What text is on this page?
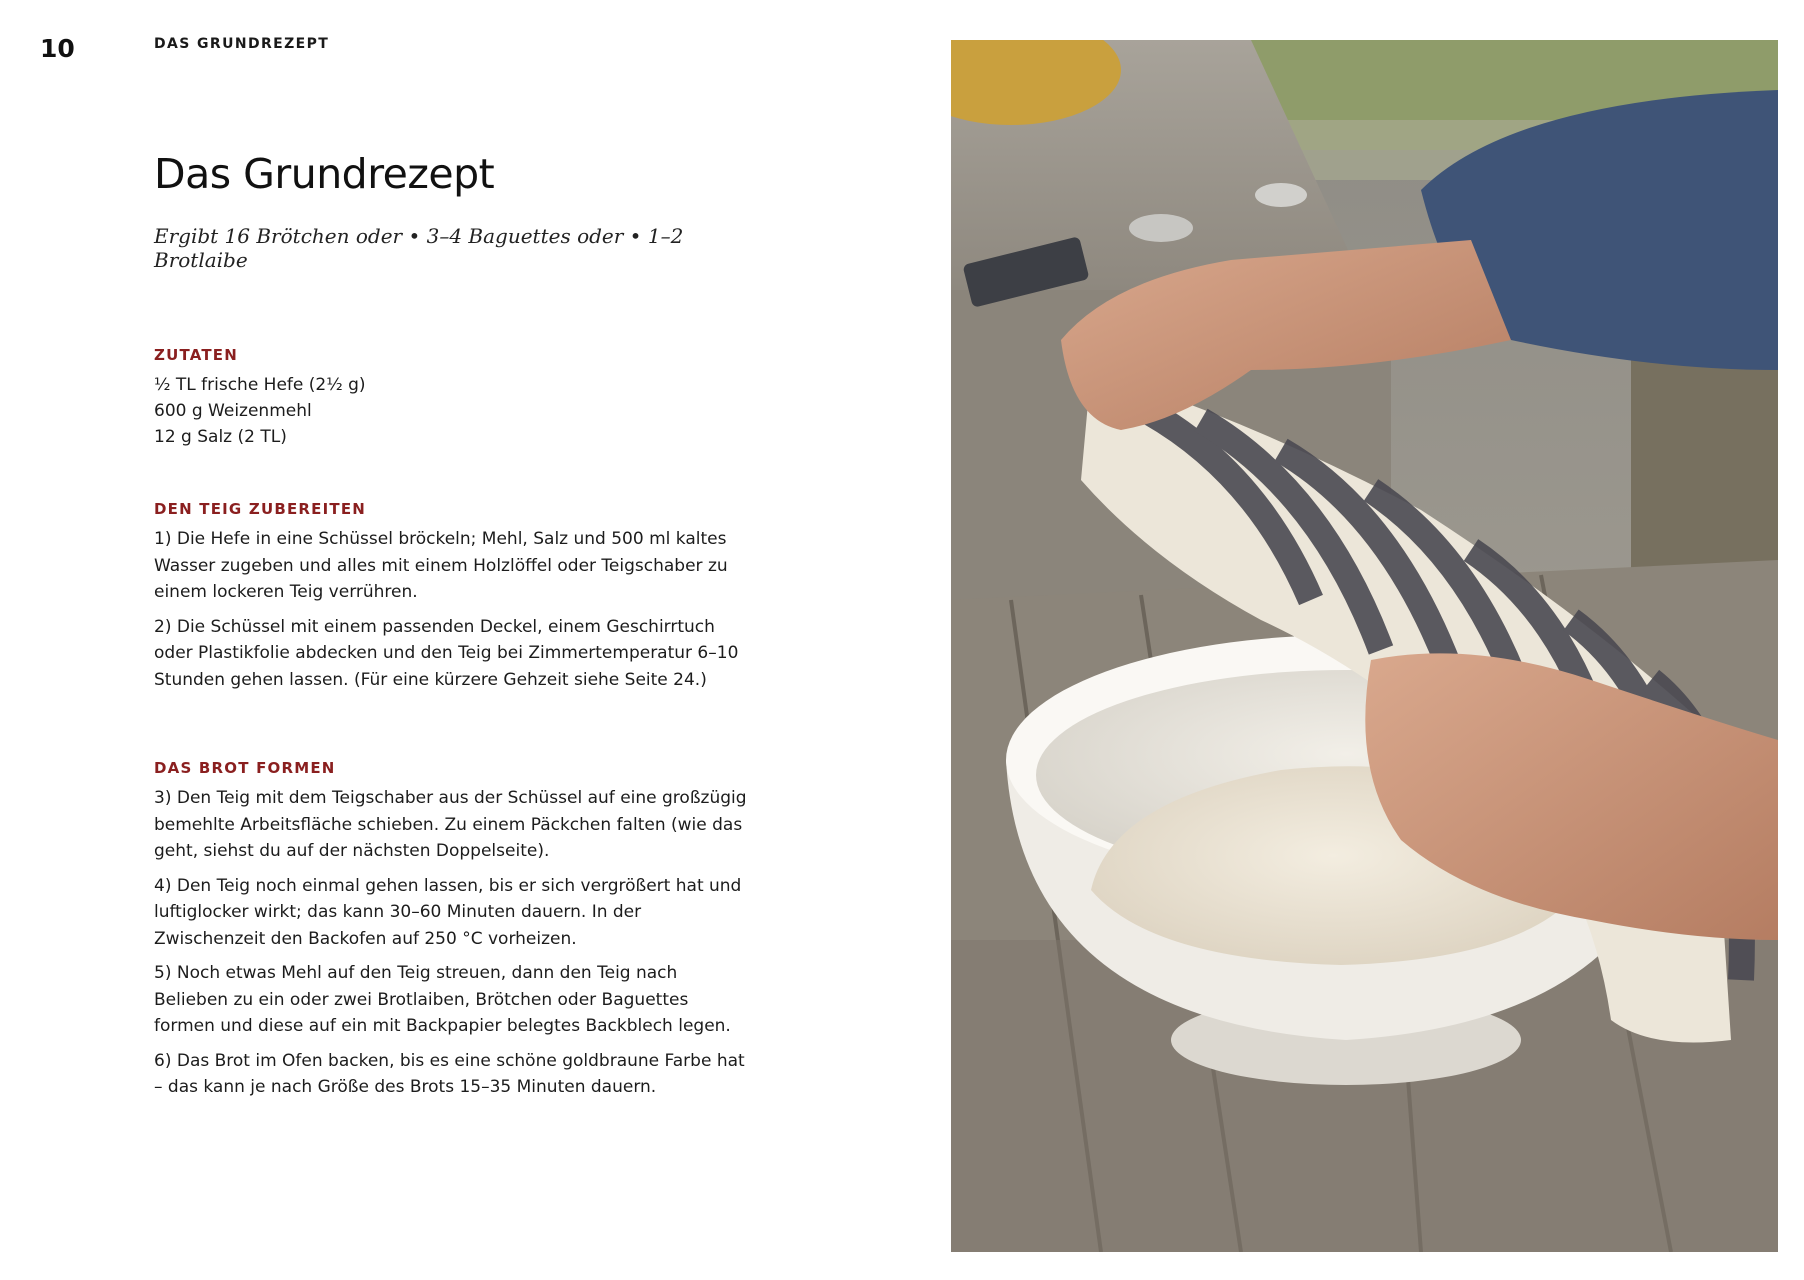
10	DAS GRUNDREZEPT
Das Grundrezept
Ergibt 16 Brötchen oder • 3–4 Baguettes oder • 1–2 Brotlaibe
ZUTATEN
½ TL frische Hefe (2½ g)
600 g Weizenmehl
12 g Salz (2 TL)
DEN TEIG ZUBEREITEN

1) Die Hefe in eine Schüssel bröckeln; Mehl, Salz und 500 ml kaltes Wasser zugeben und alles mit einem Holzlöffel oder Teigschaber zu einem lockeren Teig verrühren.

2) Die Schüssel mit einem passenden Deckel, einem Geschirrtuch oder Plastikfolie abdecken und den Teig bei Zimmertemperatur 6–10 Stunden gehen lassen. (Für eine kürzere Gehzeit siehe Seite 24.)

DAS BROT FORMEN

3) Den Teig mit dem Teigschaber aus der Schüssel auf eine großzügig bemehlte Arbeitsfläche schieben. Zu einem Päckchen falten (wie das geht, siehst du auf der nächsten Doppelseite).

4) Den Teig noch einmal gehen lassen, bis er sich vergrößert hat und luftiglocker wirkt; das kann 30–60 Minuten dauern. In der Zwischenzeit den Backofen auf 250 °C vorheizen.

5) Noch etwas Mehl auf den Teig streuen, dann den Teig nach Belieben zu ein oder zwei Brotlaiben, Brötchen oder Baguettes formen und diese auf ein mit Backpapier belegtes Backblech legen.

6) Das Brot im Ofen backen, bis es eine schöne goldbraune Farbe hat – das kann je nach Größe des Brots 15–35 Minuten dauern.
